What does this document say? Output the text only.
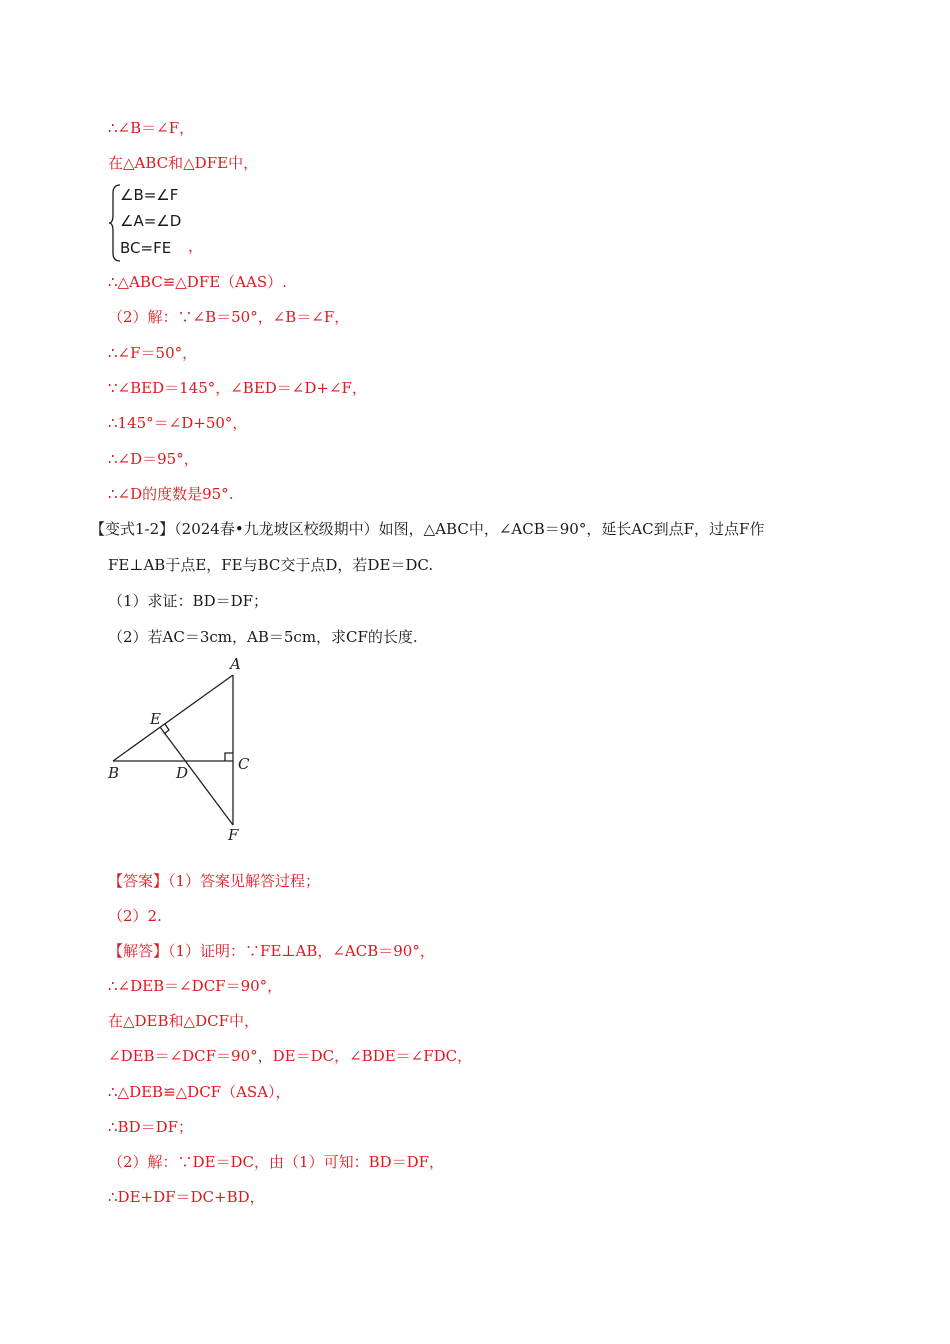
∴∠B＝∠F，
在△ABC和△DFE中，
∠B=∠F
∠A=∠D
BC=FE ，
∴△ABC≌△DFE（AAS）.
（2）解：∵∠B＝50°，∠B＝∠F，
∴∠F＝50°，
∵∠BED＝145°，∠BED＝∠D+∠F，
∴145°＝∠D+50°，
∴∠D＝95°，
∴∠D的度数是95°.
【变式1-2】（2024春•九龙坡区校级期中）如图，△ABC中，∠ACB＝90°，延长AC到点F，过点F作
FE⊥AB于点E，FE与BC交于点D，若DE＝DC.
（1）求证：BD＝DF；
（2）若AC＝3cm，AB＝5cm，求CF的长度.
A
E
B	D	C
F
【答案】（1）答案见解答过程；
（2）2.
【解答】（1）证明：∵FE⊥AB，∠ACB＝90°，
∴∠DEB＝∠DCF＝90°，
在△DEB和△DCF中，
∠DEB＝∠DCF＝90°，DE＝DC，∠BDE＝∠FDC，
∴△DEB≌△DCF（ASA），
∴BD＝DF；
（2）解：∵DE＝DC，由（1）可知：BD＝DF，
∴DE+DF＝DC+BD，
